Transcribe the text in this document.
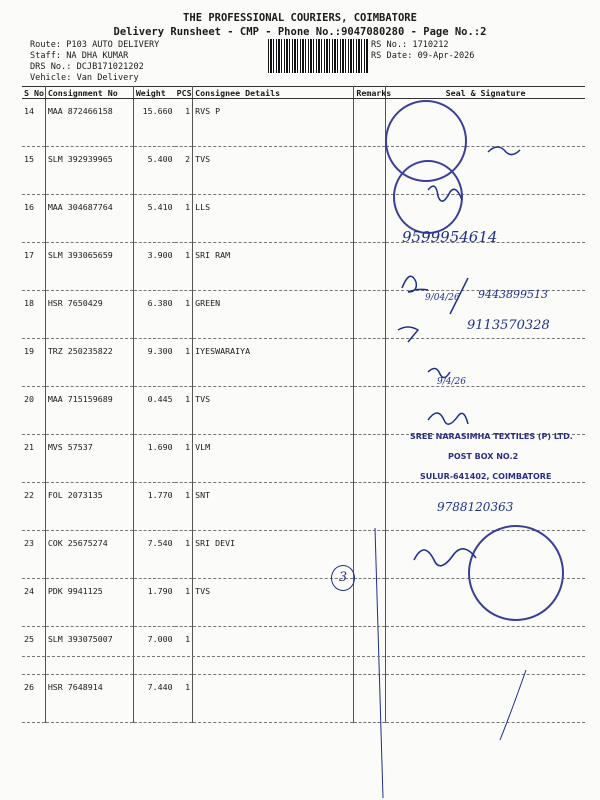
THE PROFESSIONAL COURIERS, COIMBATORE
Delivery Runsheet - CMP - Phone No.:9047080280 - Page No.:2
Route: P103 AUTO DELIVERY
Staff: NA DHA KUMAR
DRS No.: DCJB171021202
Vehicle: Van Delivery
RS No.: 1710212
RS Date: 09-Apr-2026
S No	Consignment No	Weight	PCS	Consignee Details	Remarks	Seal & Signature
14	MAA 872466158	15.660	1	RVS P		
15	SLM 392939965	5.400	2	TVS		
16	MAA 304687764	5.410	1	LLS		
17	SLM 393065659	3.900	1	SRI RAM		
18	HSR 7650429	6.380	1	GREEN		
19	TRZ 250235822	9.300	1	IYESWARAIYA		
20	MAA 715159689	0.445	1	TVS		
21	MVS 57537	1.690	1	VLM		
22	FOL 2073135	1.770	1	SNT		
23	COK 25675274	7.540	1	SRI DEVI		
24	PDK 9941125	1.790	1	TVS		
25	SLM 393075007	7.000	1			
26	HSR 7648914	7.440	1			
9599954614
9/04/26 9443899513
9113570328
9/4/26
SREE NARASIMHA TEXTILES (P) LTD.
POST BOX NO.2
SULUR-641402, COIMBATORE
9788120363
3
